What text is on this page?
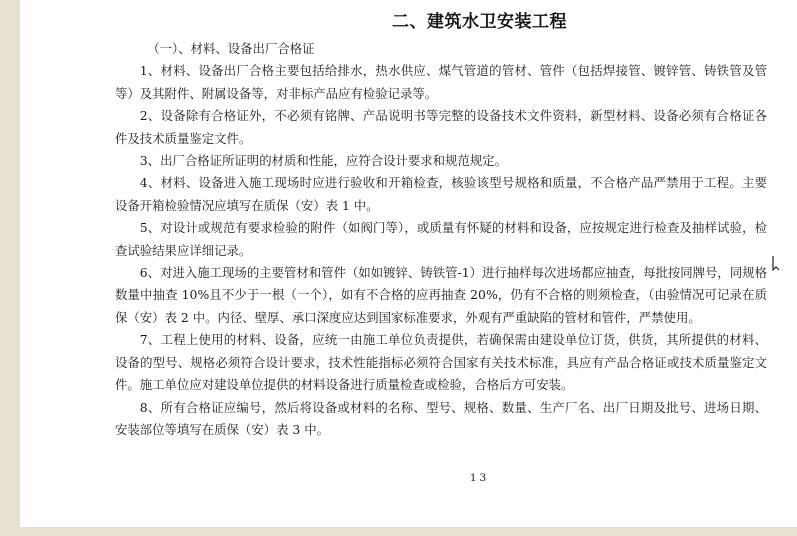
二、建筑水卫安装工程

（一）、材料、设备出厂合格证

1、材料、设备出厂合格主要包括给排水，热水供应、煤气管道的管材、管件（包括焊接管、镀锌管、铸铁管及管等）及其附件、附属设备等，对非标产品应有检验记录等。

2、设备除有合格证外，不必须有铭牌、产品说明书等完整的设备技术文件资料，新型材料、设备必须有合格证各件及技术质量鉴定文件。

3、出厂合格证所证明的材质和性能，应符合设计要求和规范规定。

4、材料、设备进入施工现场时应进行验收和开箱检查，核验该型号规格和质量，不合格产品严禁用于工程。主要设备开箱检验情况应填写在质保（安）表 1 中。

5、对设计或规范有要求检验的附件（如阀门等），或质量有怀疑的材料和设备，应按规定进行检查及抽样试验，检查试验结果应详细记录。

6、对进入施工现场的主要管材和管件（如如镀锌、铸铁管-1）进行抽样每次进场都应抽查，每批按同牌号，同规格数量中抽查 10%且不少于一根（一个），如有不合格的应再抽查 20%，仍有不合格的则须检查，（由验情况可记录在质保（安）表 2 中。内径、壁厚、承口深度应达到国家标准要求，外观有严重缺陷的管材和管件，严禁使用。

7、工程上使用的材料、设备，应统一由施工单位负责提供，若确保需由建设单位订货，供货，其所提供的材料、设备的型号、规格必须符合设计要求，技术性能指标必须符合国家有关技术标准，具应有产品合格证或技术质量鉴定文件。施工单位应对建设单位提供的材料设备进行质量检查或检验，合格后方可安装。

8、所有合格证应编号，然后将设备或材料的名称、型号、规格、数量、生产厂名、出厂日期及批号、进场日期、安装部位等填写在质保（安）表 3 中。

13
